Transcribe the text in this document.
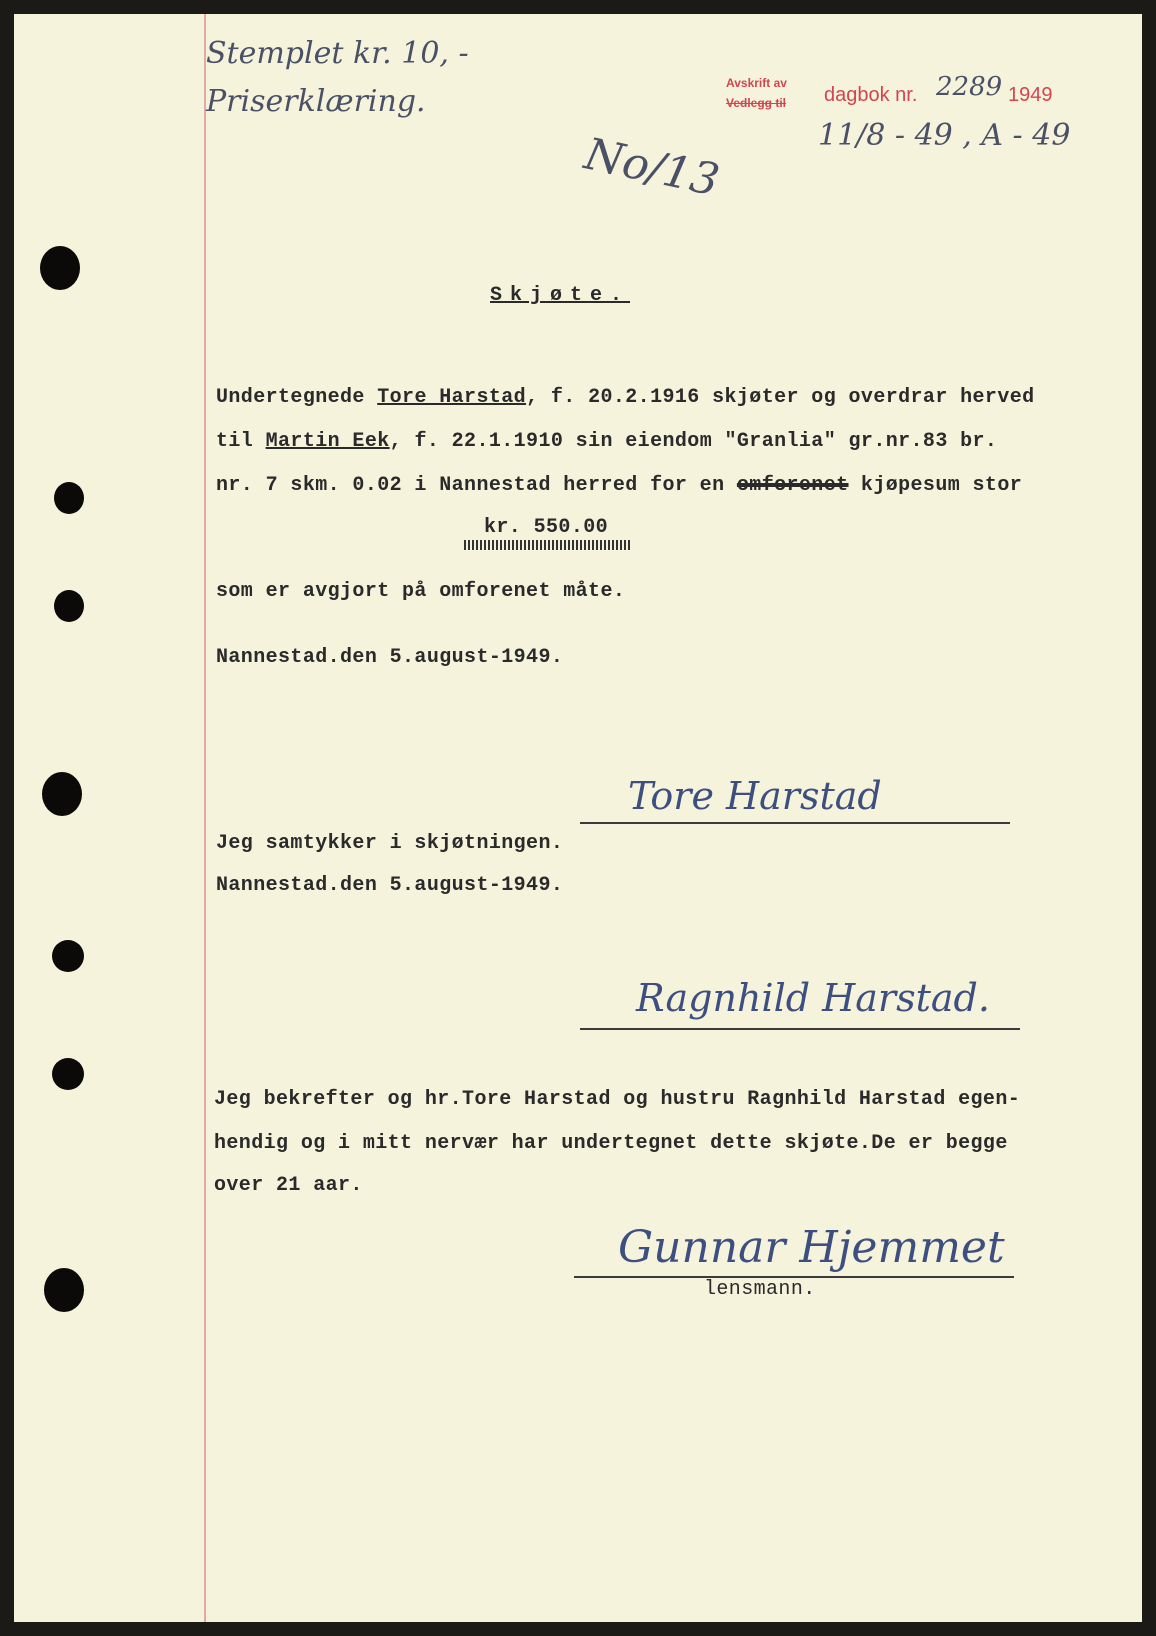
Stemplet kr. 10, -
Priserklæring.
Avskrift av
Vedlegg til dagbok nr. 2289 1949
11/8 - 49 , A - 49
No/13
Skjøte.
Undertegnede Tore Harstad, f. 20.2.1916 skjøter og overdrar herved
til Martin Eek, f. 22.1.1910 sin eiendom "Granlia" gr.nr.83 br.
nr. 7 skm. 0.02 i Nannestad herred for en omforenet kjøpesum stor
kr. 550.00
som er avgjort på omforenet måte.
Nannestad.den 5.august-1949.
Tore Harstad
Jeg samtykker i skjøtningen.
Nannestad.den 5.august-1949.
Ragnhild Harstad.
Jeg bekrefter og hr.Tore Harstad og hustru Ragnhild Harstad egen-
hendig og i mitt nervær har undertegnet dette skjøte.De er begge
over 21 aar.
Gunnar Hjemmet
lensmann.
